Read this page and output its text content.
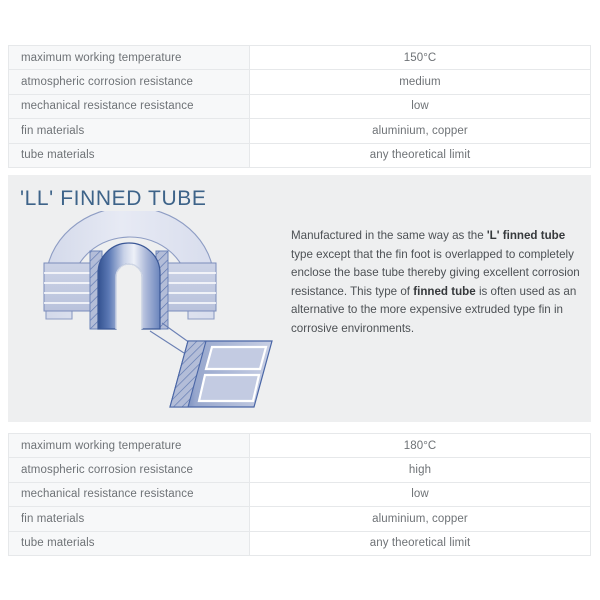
maximum working temperature	150°C
atmospheric corrosion resistance	medium
mechanical resistance resistance	low
fin materials	aluminium, copper
tube materials	any theoretical limit
'LL' FINNED TUBE
Manufactured in the same way as the 'L' finned tube type except that the fin foot is overlapped to completely enclose the base tube thereby giving excellent corrosion resistance. This type of finned tube is often used as an alternative to the more expensive extruded type fin in corrosive environments.
maximum working temperature	180°C
atmospheric corrosion resistance	high
mechanical resistance resistance	low
fin materials	aluminium, copper
tube materials	any theoretical limit
